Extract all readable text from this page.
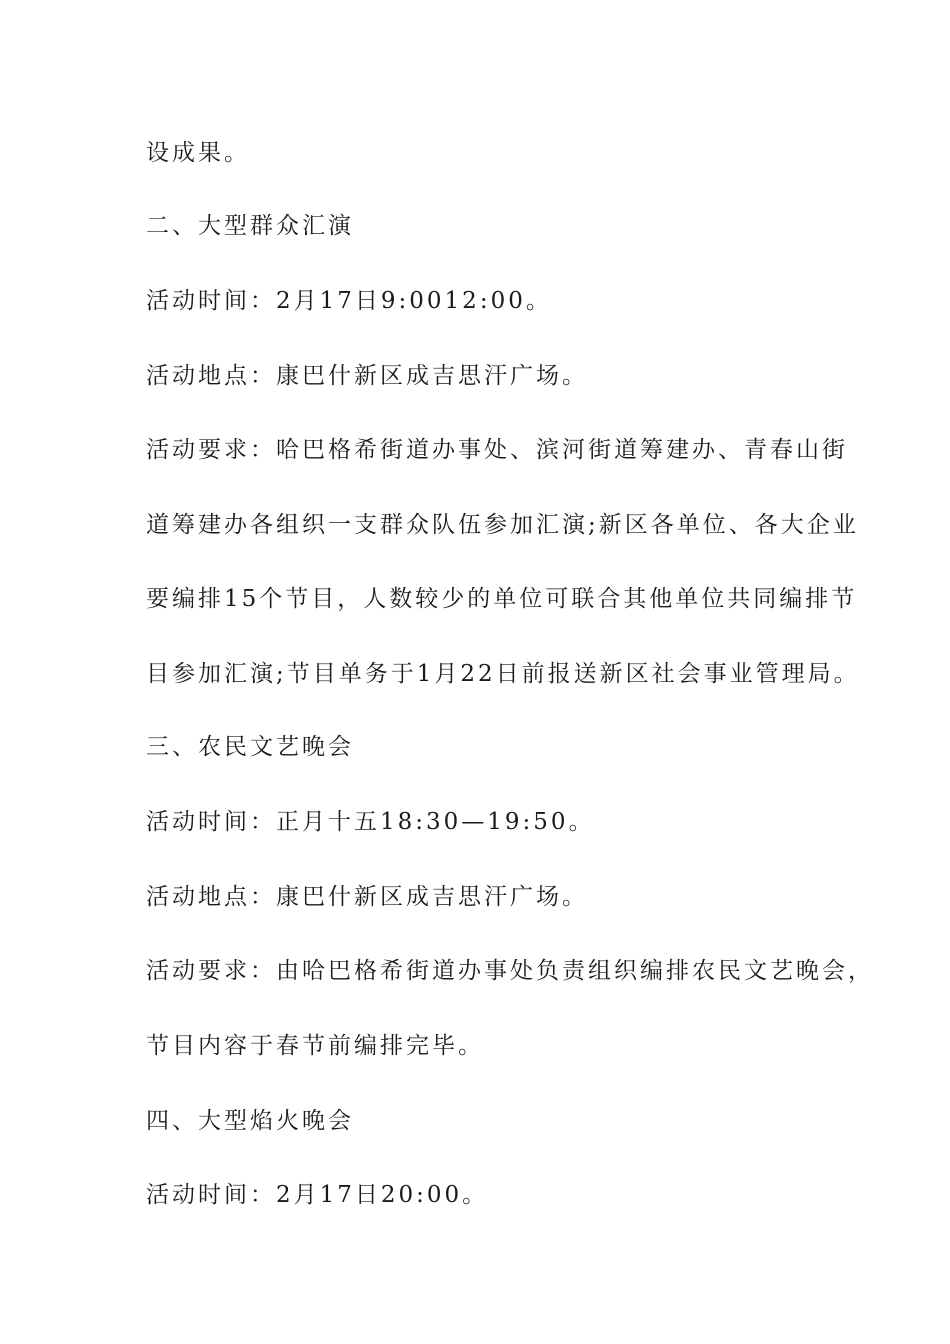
设成果。
二、大型群众汇演
活动时间：2月17日9:0012:00。
活动地点：康巴什新区成吉思汗广场。
活动要求：哈巴格希街道办事处、滨河街道筹建办、青春山街
道筹建办各组织一支群众队伍参加汇演;新区各单位、各大企业
要编排15个节目，人数较少的单位可联合其他单位共同编排节
目参加汇演;节目单务于1月22日前报送新区社会事业管理局。
三、农民文艺晚会
活动时间：正月十五18:30—19:50。
活动地点：康巴什新区成吉思汗广场。
活动要求：由哈巴格希街道办事处负责组织编排农民文艺晚会，
节目内容于春节前编排完毕。
四、大型焰火晚会
活动时间：2月17日20:00。
